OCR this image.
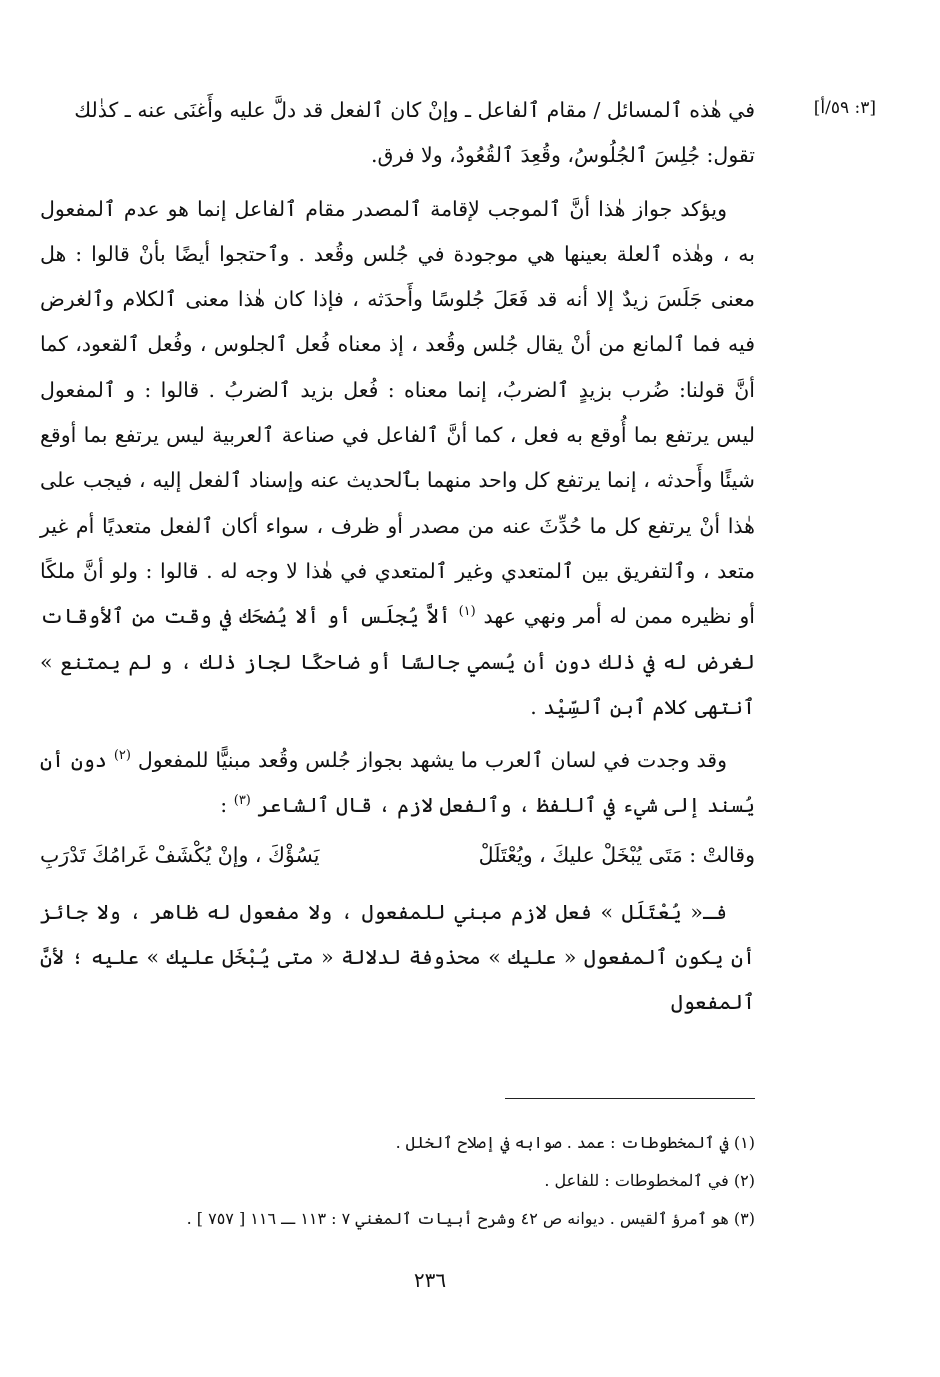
[٣: ٥٩/أ]

في هٰذه ٱلمسائل / مقام ٱلفاعل ـ وإنْ كان ٱلفعل قد دلَّ عليه وأَغنَى عنه ـ كذٰلك

تقول: جُلِسَ ٱلجُلُوسُ، وقُعِدَ ٱلقُعُودُ، ولا فرق.

ويؤكد جواز هٰذا أنَّ ٱلموجب لإقامة ٱلمصدر مقام ٱلفاعل إنما هو عدم ٱلمفعول به ، وهٰذه ٱلعلة بعينها هي موجودة في جُلس وقُعد . وٱحتجوا أيضًا بأنْ قالوا : هل معنى جَلَسَ زيدٌ إلا أنه قد فَعَلَ جُلوسًا وأَحدَثه ، فإذا كان هٰذا معنى ٱلكلام وٱلغرض فيه فما ٱلمانع من أنْ يقال جُلس وقُعد ، إذ معناه فُعل ٱلجلوس ، وفُعل ٱلقعود، كما أنَّ قولنا: ضُرب بزيدٍ ٱلضربُ، إنما معناه : فُعل بزيد ٱلضربُ . قالوا : و ٱلمفعول ليس يرتفع بما أُوقع به فعل ، كما أنَّ ٱلفاعل في صناعة ٱلعربية ليس يرتفع بما أوقع شيئًا وأَحدثه ، إنما يرتفع كل واحد منهما بٱلحديث عنه وإسناد ٱلفعل إليه ، فيجب على هٰذا أنْ يرتفع كل ما حُدِّثَ عنه من مصدر أو ظرف ، سواء أكان ٱلفعل متعديًا أم غير متعد ، وٱلتفريق بين ٱلمتعدي وغير ٱلمتعدي في هٰذا لا وجه له . قالوا : ولو أنَّ ملكًا أو نظيره ممن له أمر ونهي عهد $^{(١)}$ ألاَّ يُجلَس أو ألا يُضحَك في وقت من ٱلأوقات لغرض له في ذٰلك دون أن يُسمي جالسًا أو ضاحكًا لجاز ذٰلك ، و لم يمتنع » ٱنتهى كلام ٱبن ٱلسِّيْد .

وقد وجدت في لسان ٱلعرب ما يشهد بجواز جُلس وقُعد مبنيًّا للمفعول $^{(٢)}$ دون أن يُسند إلى شيء في ٱللفظ ، وٱلفعل لازم ، قال ٱلشاعر $^{(٣)}$ :

وقالتْ : مَتَى يُبْخَلْ عليكَ ، ويُعْتَلَلْ
يَسُؤْكَ ، وإنْ يُكْشَفْ غَرامُكَ تَدْرَبِ

فـ« يُعْتَلَل » فعل لازم مبني للمفعول ، ولا مفعول له ظاهر ، ولا جائز أن يكون ٱلمفعول « عليك » محذوفة لدلالة « متى يُبْخَل عليك » عليه ؛ لأنَّ ٱلمفعول

(١) في ٱلمخطوطات : عمد . صوابه في إصلاح ٱلخلل .

(٢) في ٱلمخطوطات : للفاعل .

(٣) هو ٱمرؤ ٱلقيس . ديوانه ص ٤٢ وشرح أبيات ٱلمغني ٧ : ١١٣ ـــ ١١٦ [ ٧٥٧ ] .

٢٣٦
